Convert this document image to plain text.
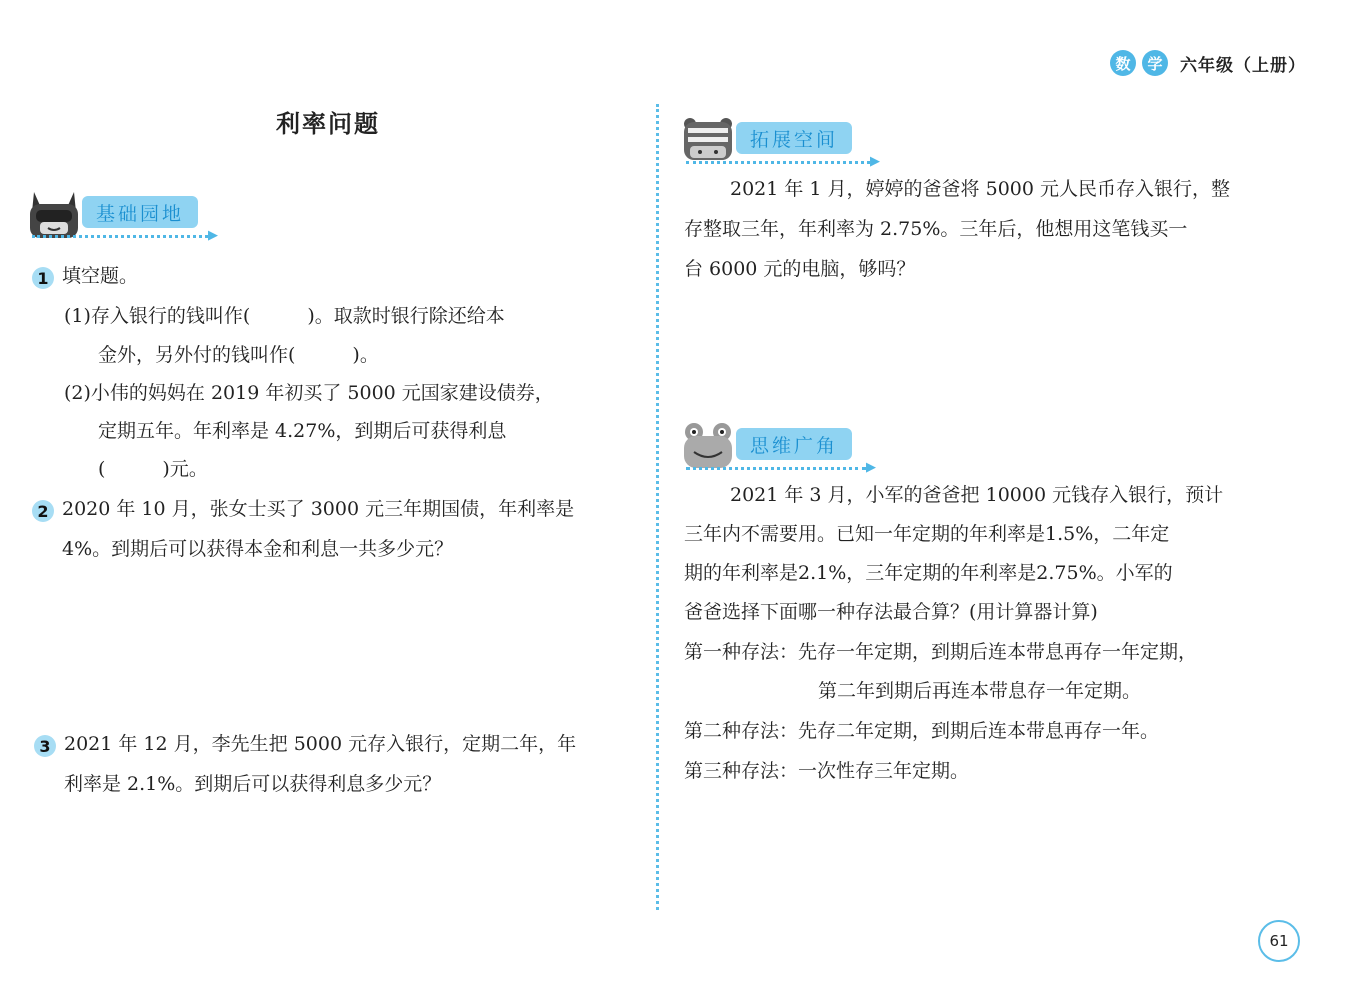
数	学	六年级（上册）
利率问题
基础园地
▶
1 填空题。
(1)存入银行的钱叫作(　　　)。取款时银行除还给本
金外，另外付的钱叫作(　　　)。
(2)小伟的妈妈在 2019 年初买了 5000 元国家建设债券，
定期五年。年利率是 4.27%，到期后可获得利息
(　　　)元。
2 2020 年 10 月，张女士买了 3000 元三年期国债，年利率是
4%。到期后可以获得本金和利息一共多少元？
3 2021 年 12 月，李先生把 5000 元存入银行，定期二年，年
利率是 2.1%。到期后可以获得利息多少元？
拓展空间
▶
2021 年 1 月，婷婷的爸爸将 5000 元人民币存入银行，整
存整取三年，年利率为 2.75%。三年后，他想用这笔钱买一
台 6000 元的电脑，够吗？
思维广角
▶
2021 年 3 月，小军的爸爸把 10000 元钱存入银行，预计
三年内不需要用。已知一年定期的年利率是1.5%，二年定
期的年利率是2.1%，三年定期的年利率是2.75%。小军的
爸爸选择下面哪一种存法最合算？(用计算器计算)
第一种存法：先存一年定期，到期后连本带息再存一年定期，
第二年到期后再连本带息存一年定期。
第二种存法：先存二年定期，到期后连本带息再存一年。
第三种存法：一次性存三年定期。
61
